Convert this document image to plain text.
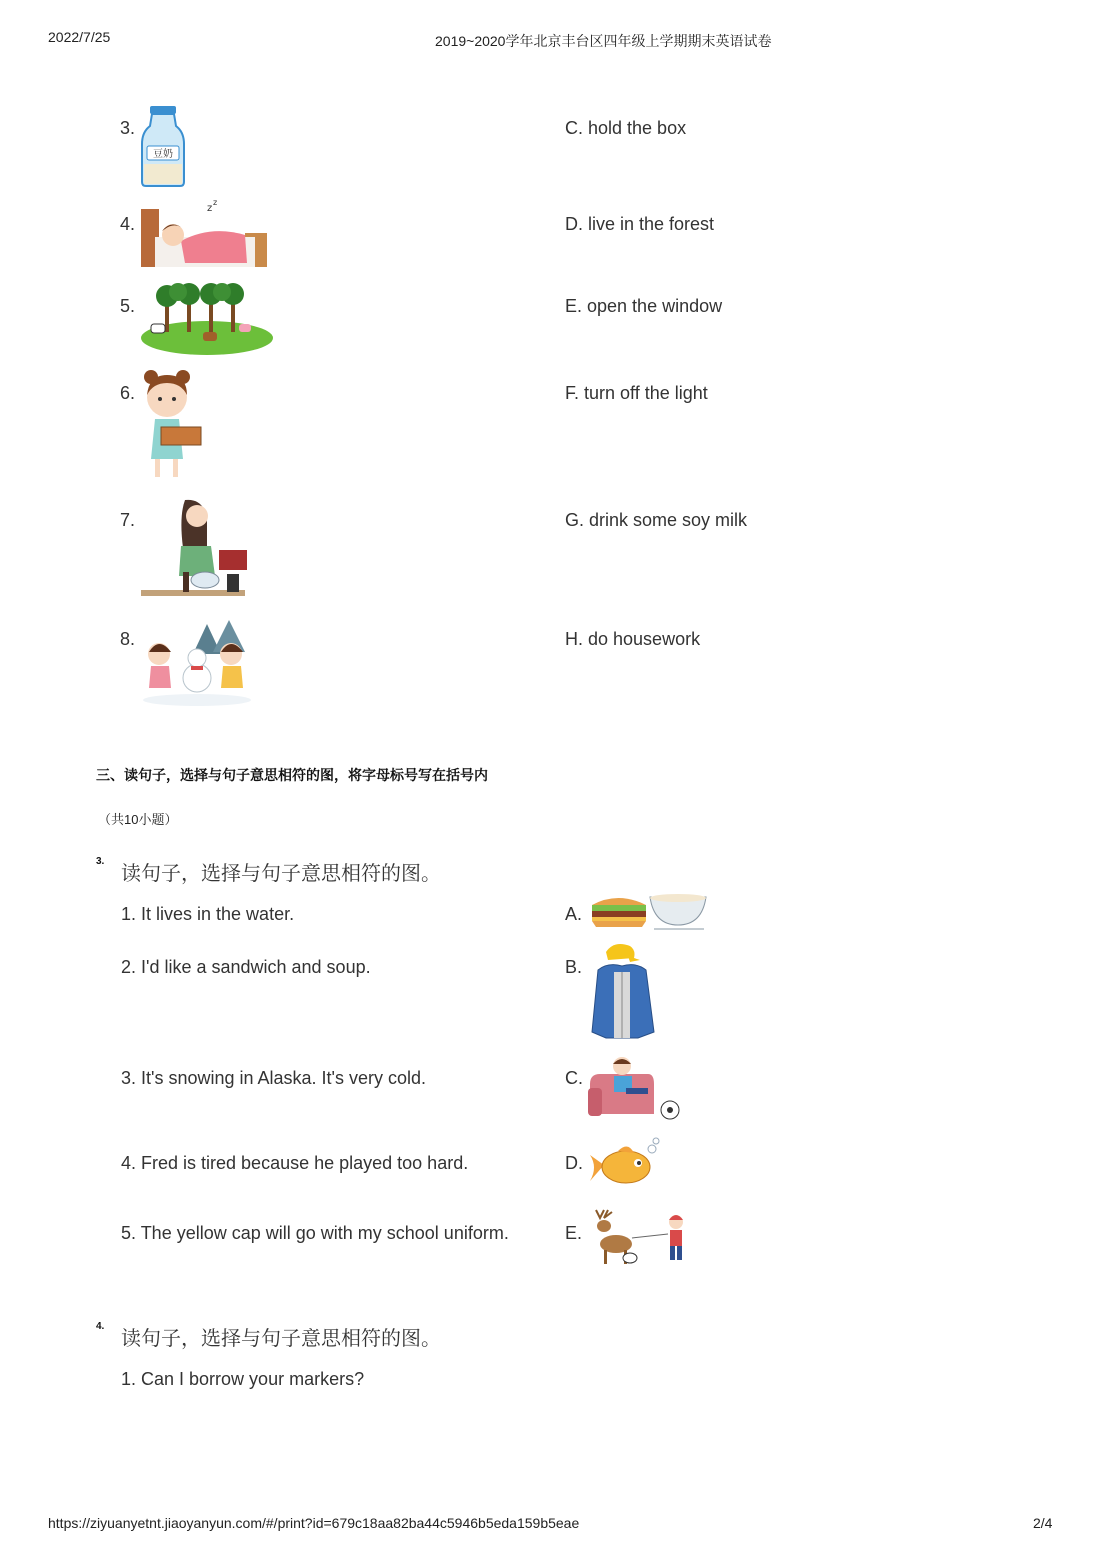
2022/7/25	2019~2020学年北京丰台区四年级上学期期末英语试卷
3.
4.
5.
6.
7.
8.
豆奶
z
z
C. hold the box
D. live in the forest
E. open the window
F. turn off the light
G. drink some soy milk
H. do housework
三、读句子，选择与句子意思相符的图，将字母标号写在括号内
（共10小题）
3.
读句子，选择与句子意思相符的图。
1. It lives in the water.
2. I'd like a sandwich and soup.
3. It's snowing in Alaska. It's very cold.
4. Fred is tired because he played too hard.
5. The yellow cap will go with my school uniform.
A.
B.
C.
D.
E.
4.
读句子，选择与句子意思相符的图。
1. Can I borrow your markers?
https://ziyuanyetnt.jiaoyanyun.com/#/print?id=679c18aa82ba44c5946b5eda159b5eae	2/4
